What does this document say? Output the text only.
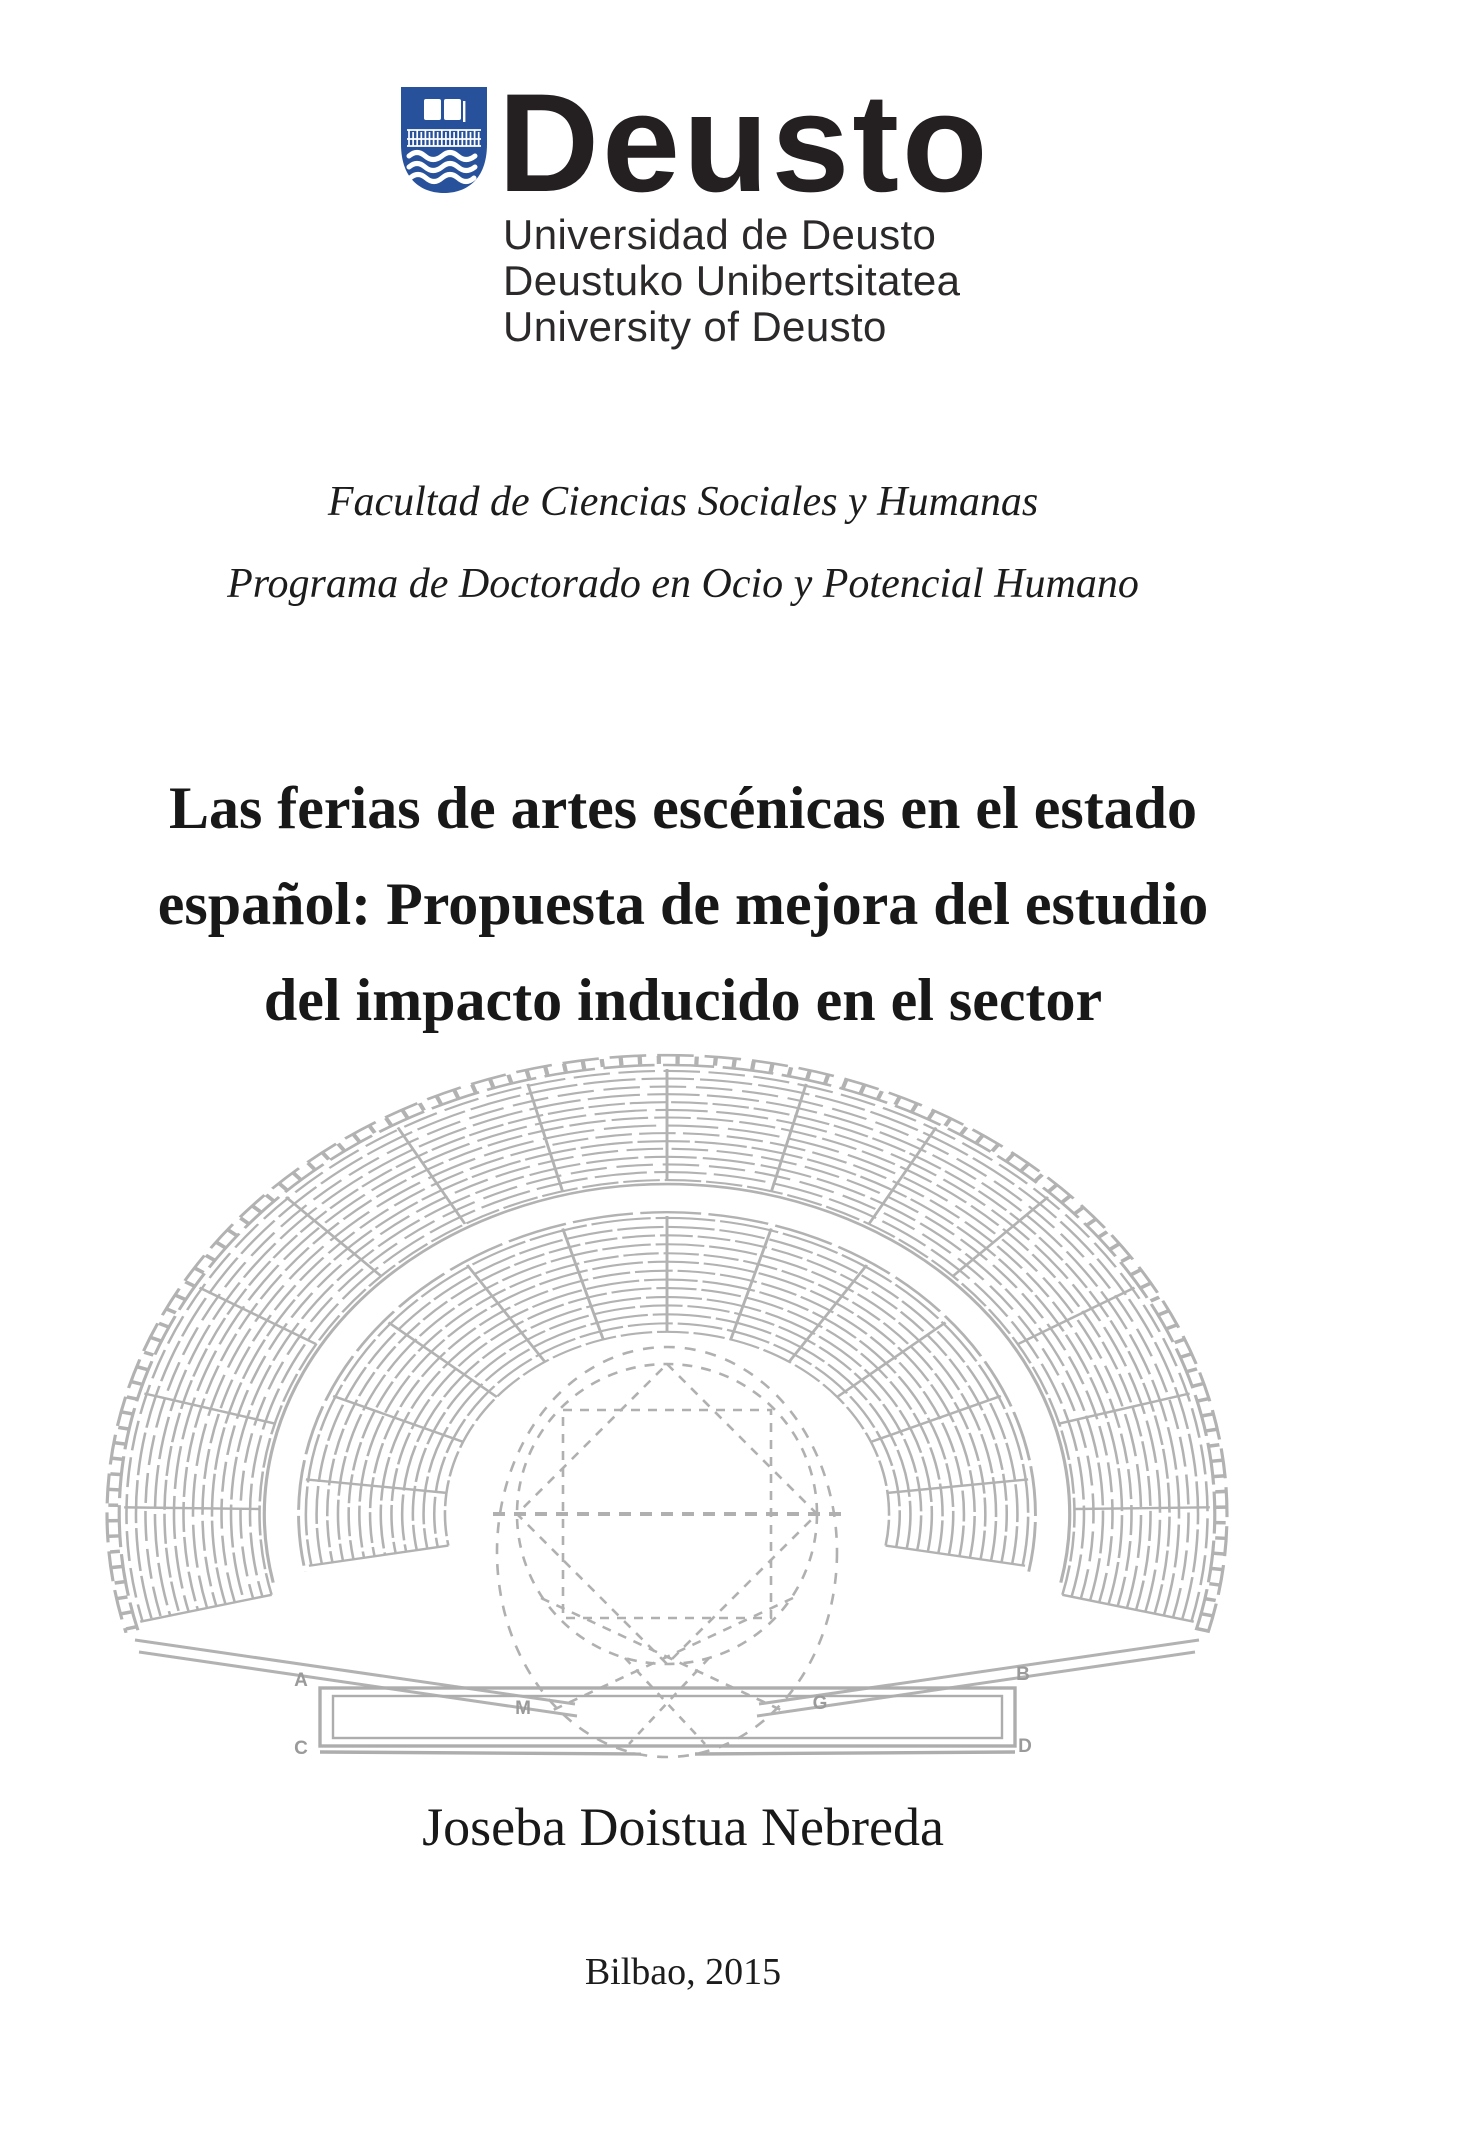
Deusto
Universidad de Deusto
Deustuko Unibertsitatea
University of Deusto
Facultad de Ciencias Sociales y Humanas
Programa de Doctorado en Ocio y Potencial Humano
Las ferias de artes escénicas en el estado
español: Propuesta de mejora del estudio
del impacto inducido en el sector
Joseba Doistua Nebreda
Bilbao, 2015
A	B
C	D
M	G
